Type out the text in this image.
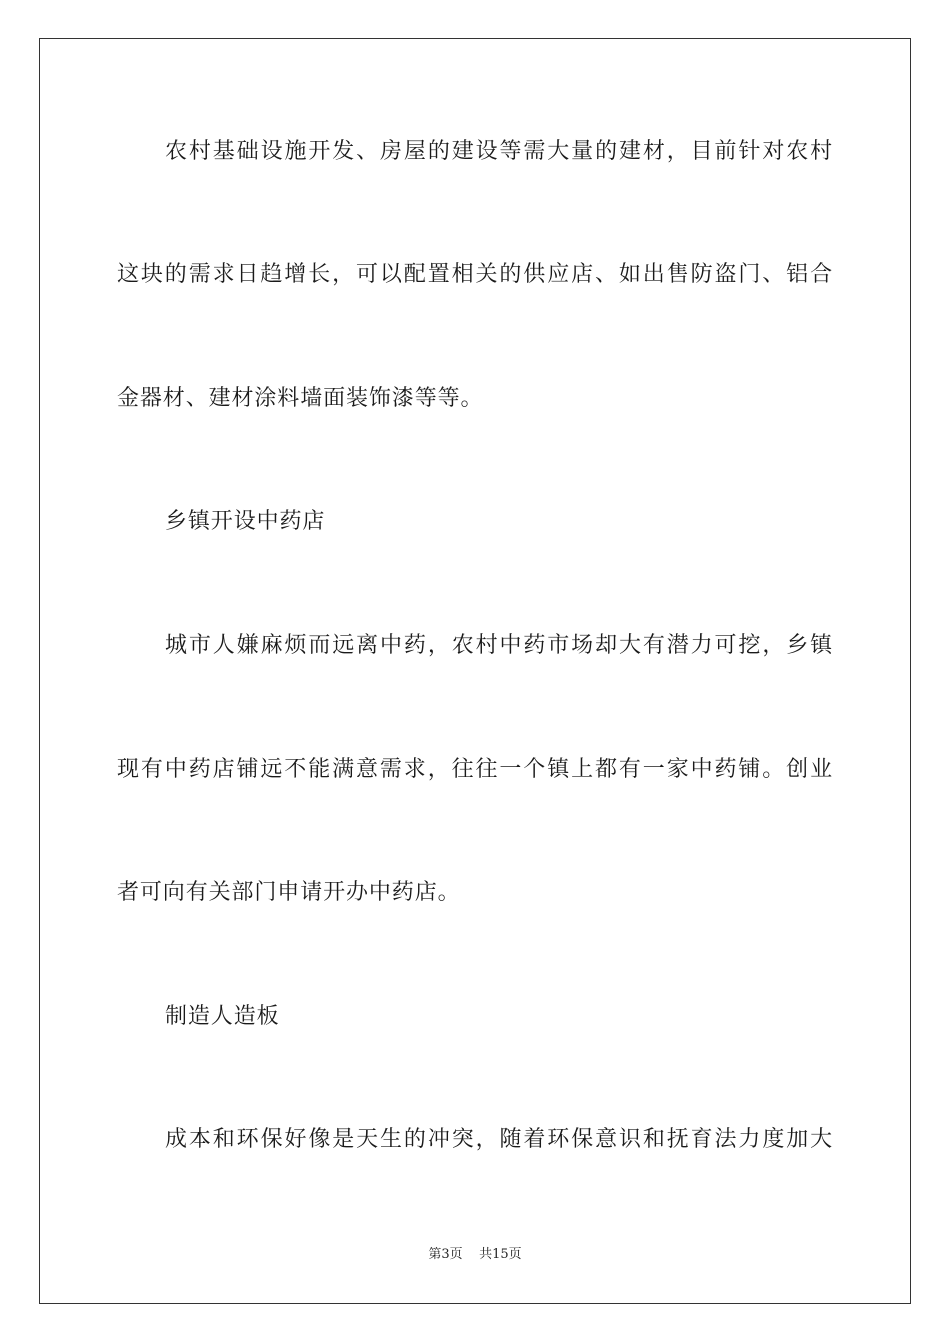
农村基础设施开发、房屋的建设等需大量的建材，目前针对农村
这块的需求日趋增长，可以配置相关的供应店、如出售防盗门、铝合
金器材、建材涂料墙面装饰漆等等。
乡镇开设中药店
城市人嫌麻烦而远离中药，农村中药市场却大有潜力可挖，乡镇
现有中药店铺远不能满意需求，往往一个镇上都有一家中药铺。创业
者可向有关部门申请开办中药店。
制造人造板
成本和环保好像是天生的冲突，随着环保意识和抚育法力度加大
第3页 共15页
